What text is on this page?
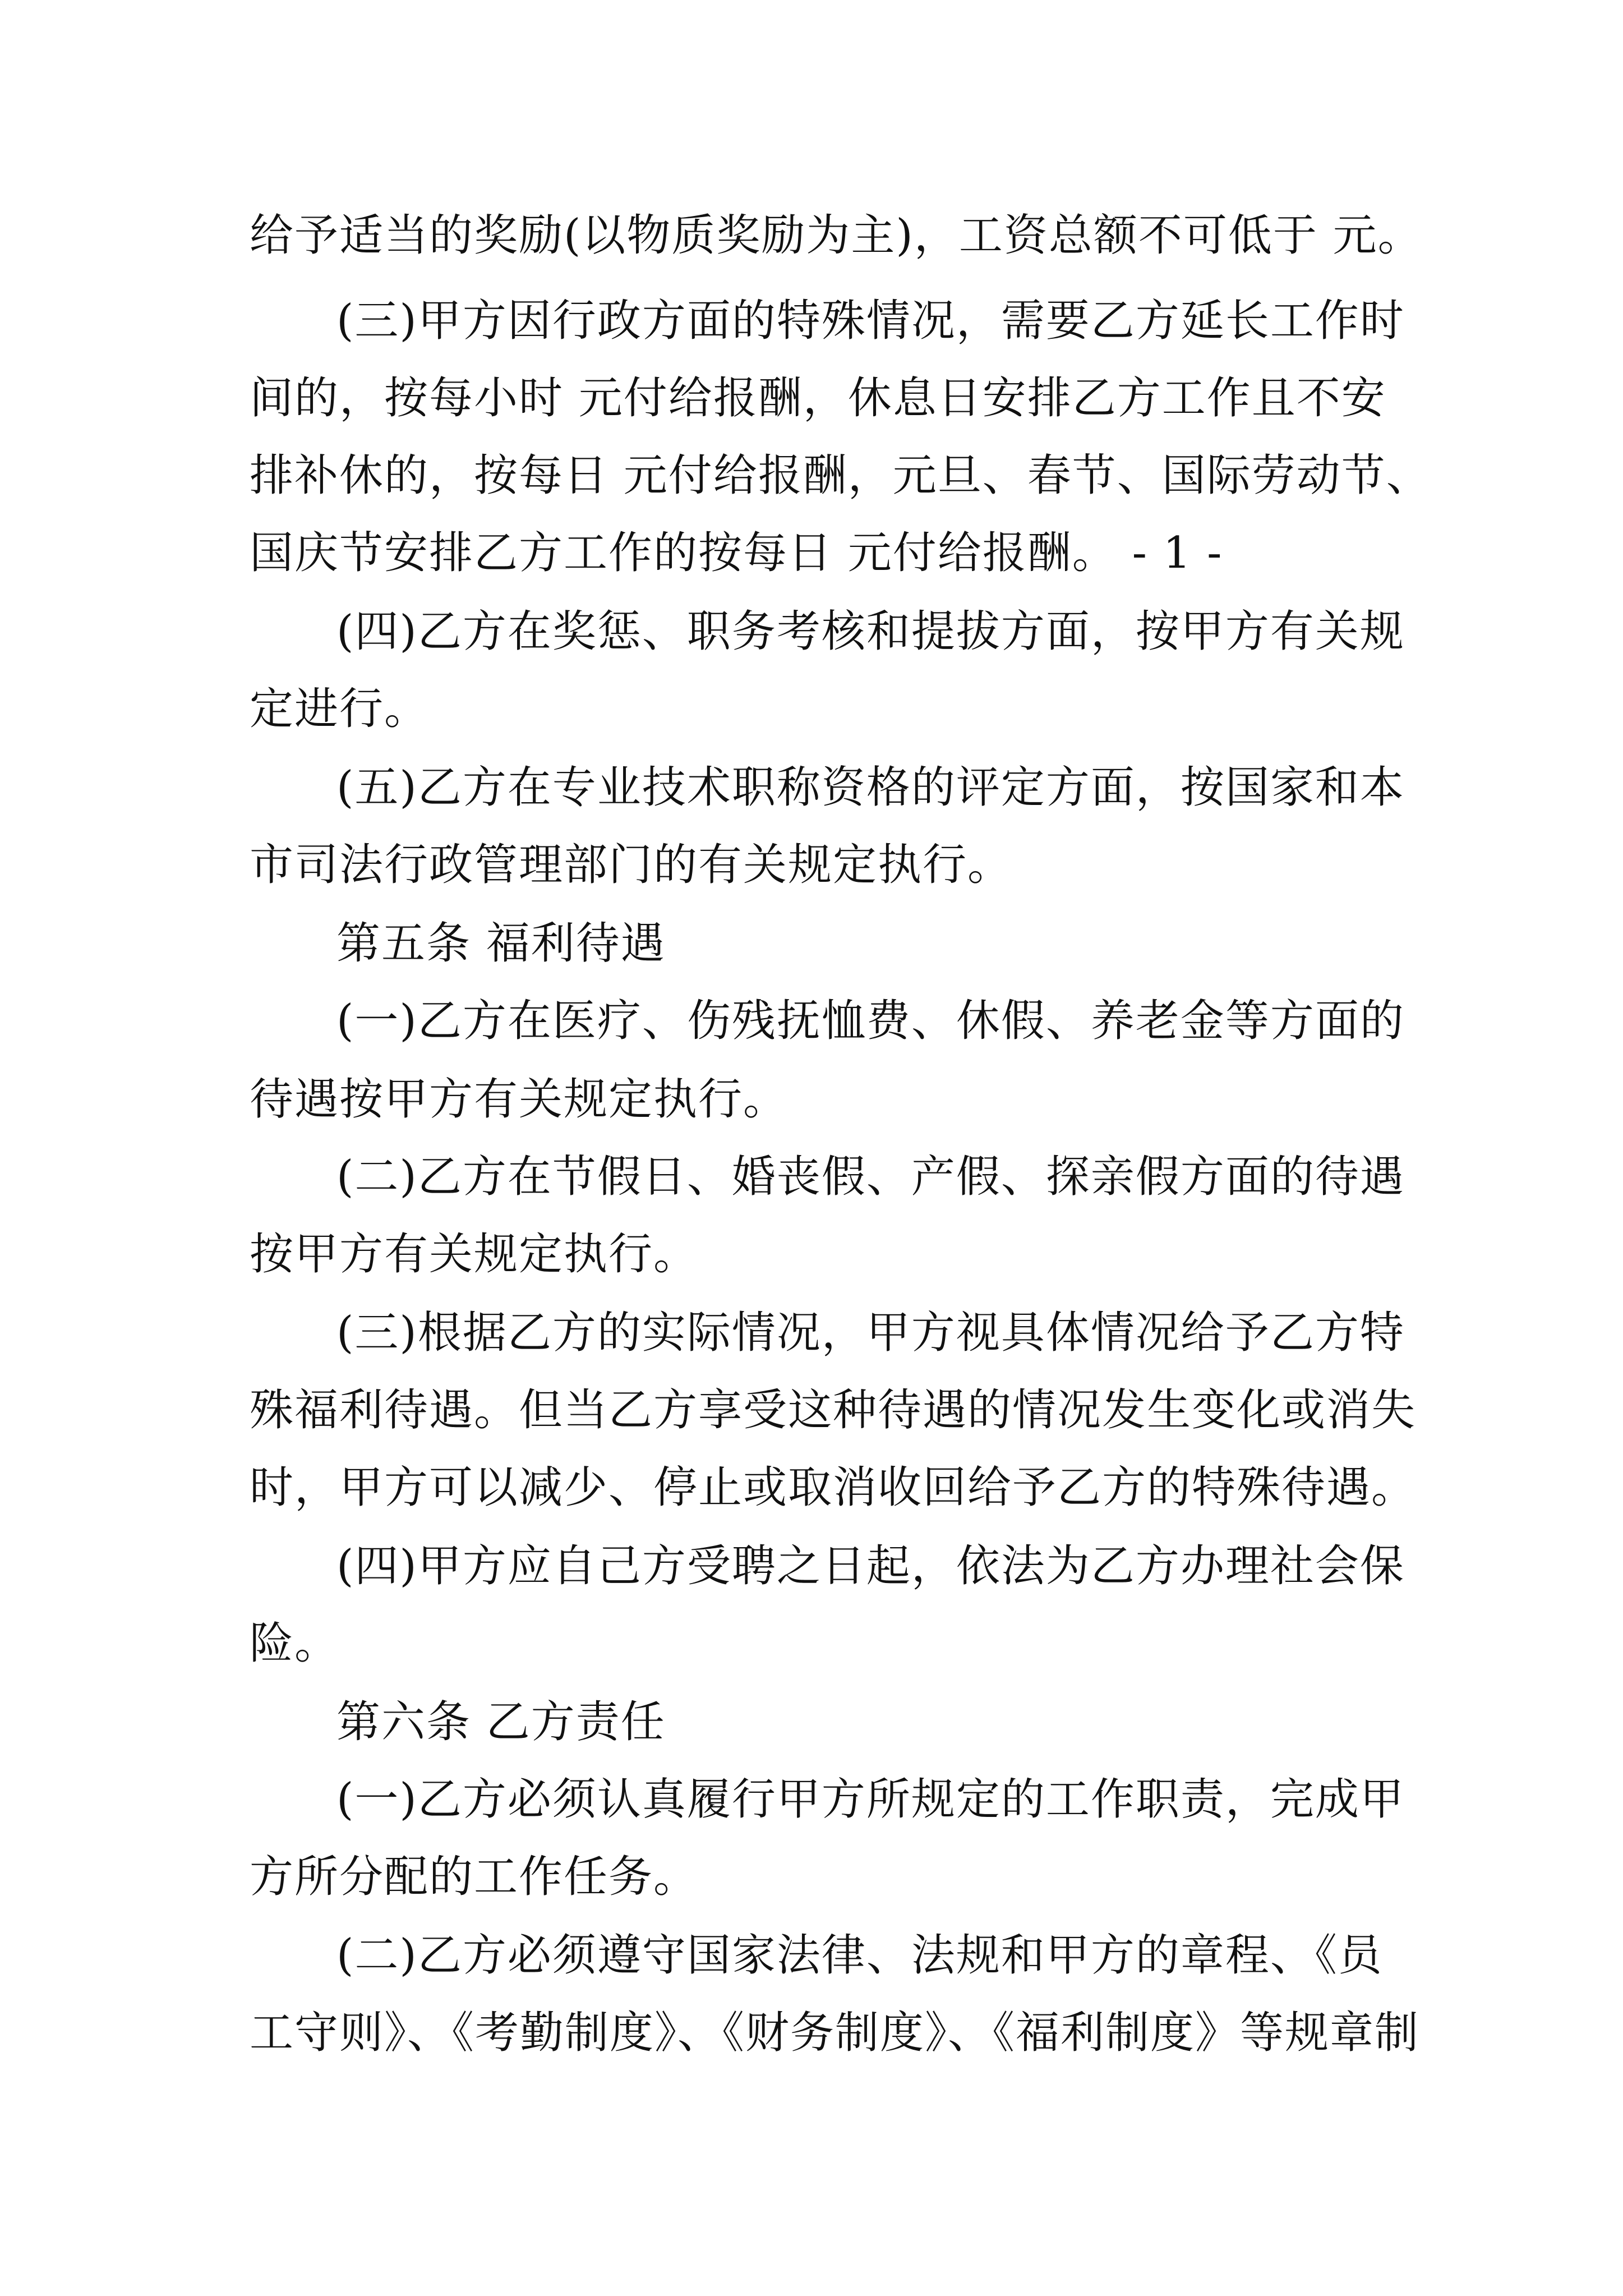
给予适当的奖励(以物质奖励为主)，工资总额不可低于 元。
(三)甲方因行政方面的特殊情况，需要乙方延长工作时
间的，按每小时 元付给报酬，休息日安排乙方工作且不安
排补休的，按每日 元付给报酬，元旦、春节、国际劳动节、
国庆节安排乙方工作的按每日 元付给报酬。 - 1 -
(四)乙方在奖惩、职务考核和提拔方面，按甲方有关规
定进行。
(五)乙方在专业技术职称资格的评定方面，按国家和本
市司法行政管理部门的有关规定执行。
第五条 福利待遇
(一)乙方在医疗、伤残抚恤费、休假、养老金等方面的
待遇按甲方有关规定执行。
(二)乙方在节假日、婚丧假、产假、探亲假方面的待遇
按甲方有关规定执行。
(三)根据乙方的实际情况，甲方视具体情况给予乙方特
殊福利待遇。但当乙方享受这种待遇的情况发生变化或消失
时，甲方可以减少、停止或取消收回给予乙方的特殊待遇。
(四)甲方应自己方受聘之日起，依法为乙方办理社会保
险。
第六条 乙方责任
(一)乙方必须认真履行甲方所规定的工作职责，完成甲
方所分配的工作任务。
(二)乙方必须遵守国家法律、法规和甲方的章程、《员
工守则》、《考勤制度》、《财务制度》、《福利制度》等规章制
